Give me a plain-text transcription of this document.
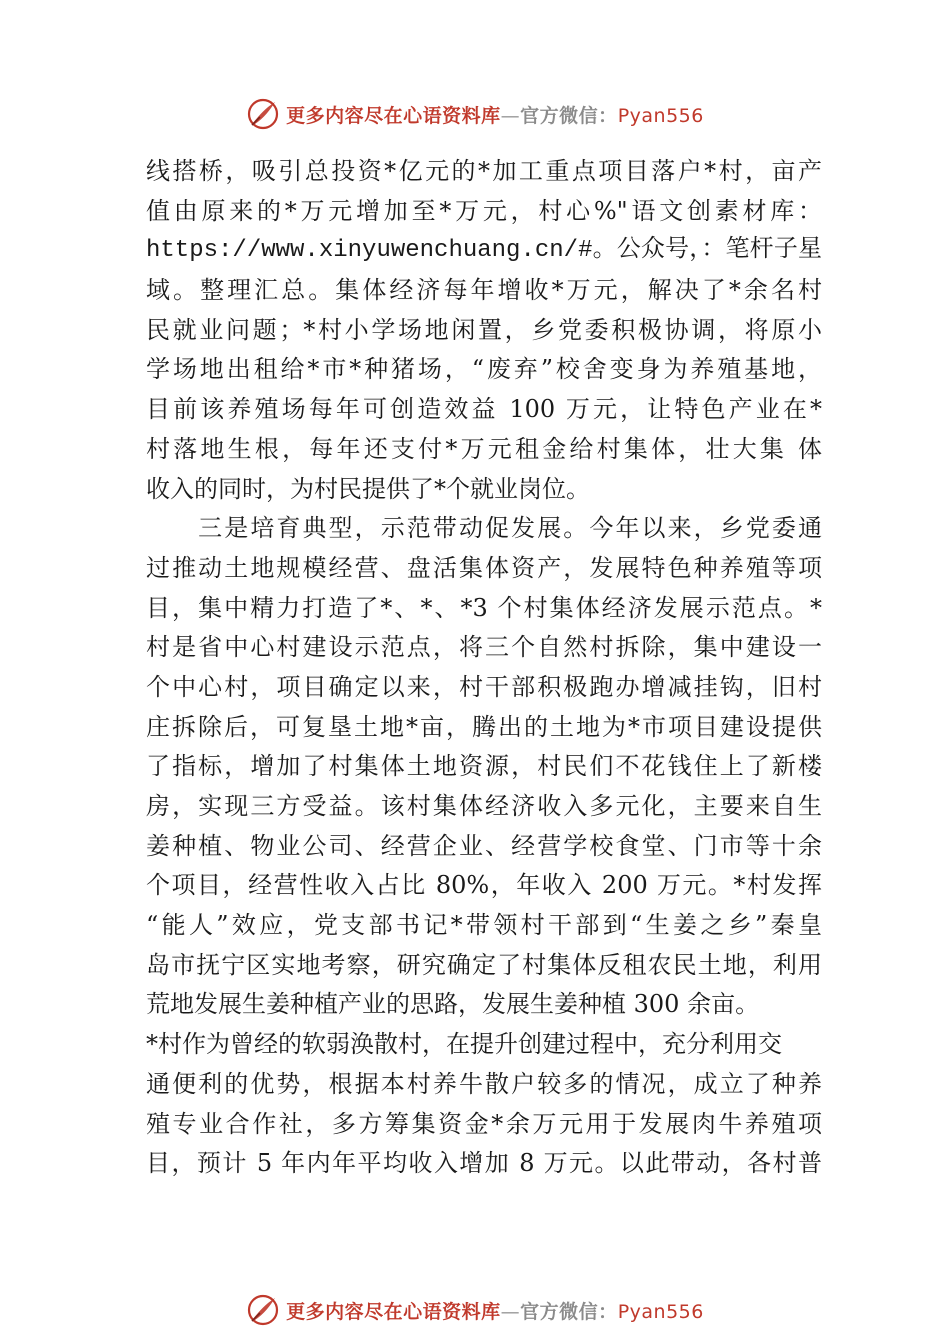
更多内容尽在心语资料库—官方微信：Pyan556
线搭桥，吸引总投资*亿元的*加工重点项目落户*村，亩产
值由原来的*万元增加至*万元，村心%"语文创素材库：
https://www.xinyuwenchuang.cn/#。公众号，：笔杆子星
域。整理汇总。集体经济每年增收*万元，解决了*余名村
民就业问题；*村小学场地闲置，乡党委积极协调，将原小
学场地出租给*市*种猪场，“废弃”校舍变身为养殖基地，
目前该养殖场每年可创造效益 100 万元，让特色产业在*
村落地生根，每年还支付*万元租金给村集体，壮大集 体
收入的同时，为村民提供了*个就业岗位。
　　三是培育典型，示范带动促发展。今年以来，乡党委通
过推动土地规模经营、盘活集体资产，发展特色种养殖等项
目，集中精力打造了*、*、*3 个村集体经济发展示范点。*
村是省中心村建设示范点，将三个自然村拆除，集中建设一
个中心村，项目确定以来，村干部积极跑办增减挂钩，旧村
庄拆除后，可复垦土地*亩，腾出的土地为*市项目建设提供
了指标，增加了村集体土地资源，村民们不花钱住上了新楼
房，实现三方受益。该村集体经济收入多元化，主要来自生
姜种植、物业公司、经营企业、经营学校食堂、门市等十余
个项目，经营性收入占比 80%，年收入 200 万元。*村发挥
“能人”效应，党支部书记*带领村干部到“生姜之乡”秦皇
岛市抚宁区实地考察，研究确定了村集体反租农民土地，利用
荒地发展生姜种植产业的思路，发展生姜种植 300 余亩。
*村作为曾经的软弱涣散村，在提升创建过程中，充分利用交
通便利的优势，根据本村养牛散户较多的情况，成立了种养
殖专业合作社，多方筹集资金*余万元用于发展肉牛养殖项
目，预计 5 年内年平均收入增加 8 万元。以此带动，各村普
更多内容尽在心语资料库—官方微信：Pyan556
